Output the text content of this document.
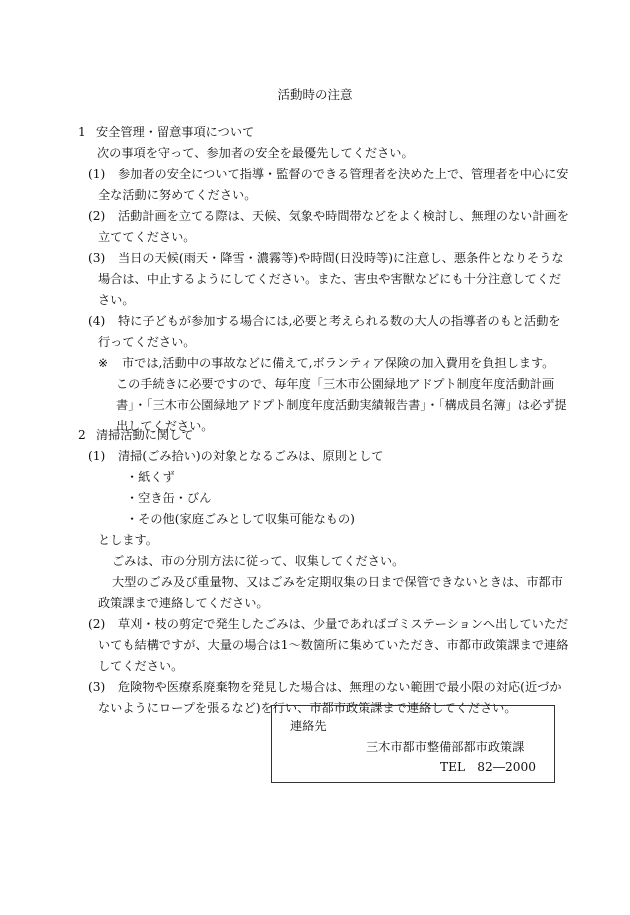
活動時の注意
1 安全管理・留意事項について
次の事項を守って、参加者の安全を最優先してください。
(1) 参加者の安全について指導・監督のできる管理者を決めた上で、管理者を中心に安
全な活動に努めてください。
(2) 活動計画を立てる際は、天候、気象や時間帯などをよく検討し、無理のない計画を
立ててください。
(3) 当日の天候(雨天・降雪・濃霧等)や時間(日没時等)に注意し、悪条件となりそうな
場合は、中止するようにしてください。また、害虫や害獣などにも十分注意してくだ
さい。
(4) 特に子どもが参加する場合には,必要と考えられる数の大人の指導者のもと活動を
行ってください。
※ 市では,活動中の事故などに備えて,ボランティア保険の加入費用を負担します。
この手続きに必要ですので、毎年度「三木市公園緑地アドプト制度年度活動計画
書」・「三木市公園緑地アドプト制度年度活動実績報告書」・「構成員名簿」は必ず提
出してください。
2 清掃活動に関して
(1) 清掃(ごみ拾い)の対象となるごみは、原則として
・紙くず
・空き缶・びん
・その他(家庭ごみとして収集可能なもの)
とします。
ごみは、市の分別方法に従って、収集してください。
大型のごみ及び重量物、又はごみを定期収集の日まで保管できないときは、市都市
政策課まで連絡してください。
(2) 草刈・枝の剪定で発生したごみは、少量であればゴミステーションへ出していただ
いても結構ですが、大量の場合は1～数箇所に集めていただき、市都市政策課まで連絡
してください。
(3) 危険物や医療系廃棄物を発見した場合は、無理のない範囲で最小限の対応(近づか
ないようにロープを張るなど)を行い、市都市政策課まで連絡してください。
連絡先
三木市都市整備部都市政策課
TEL　82―2000
